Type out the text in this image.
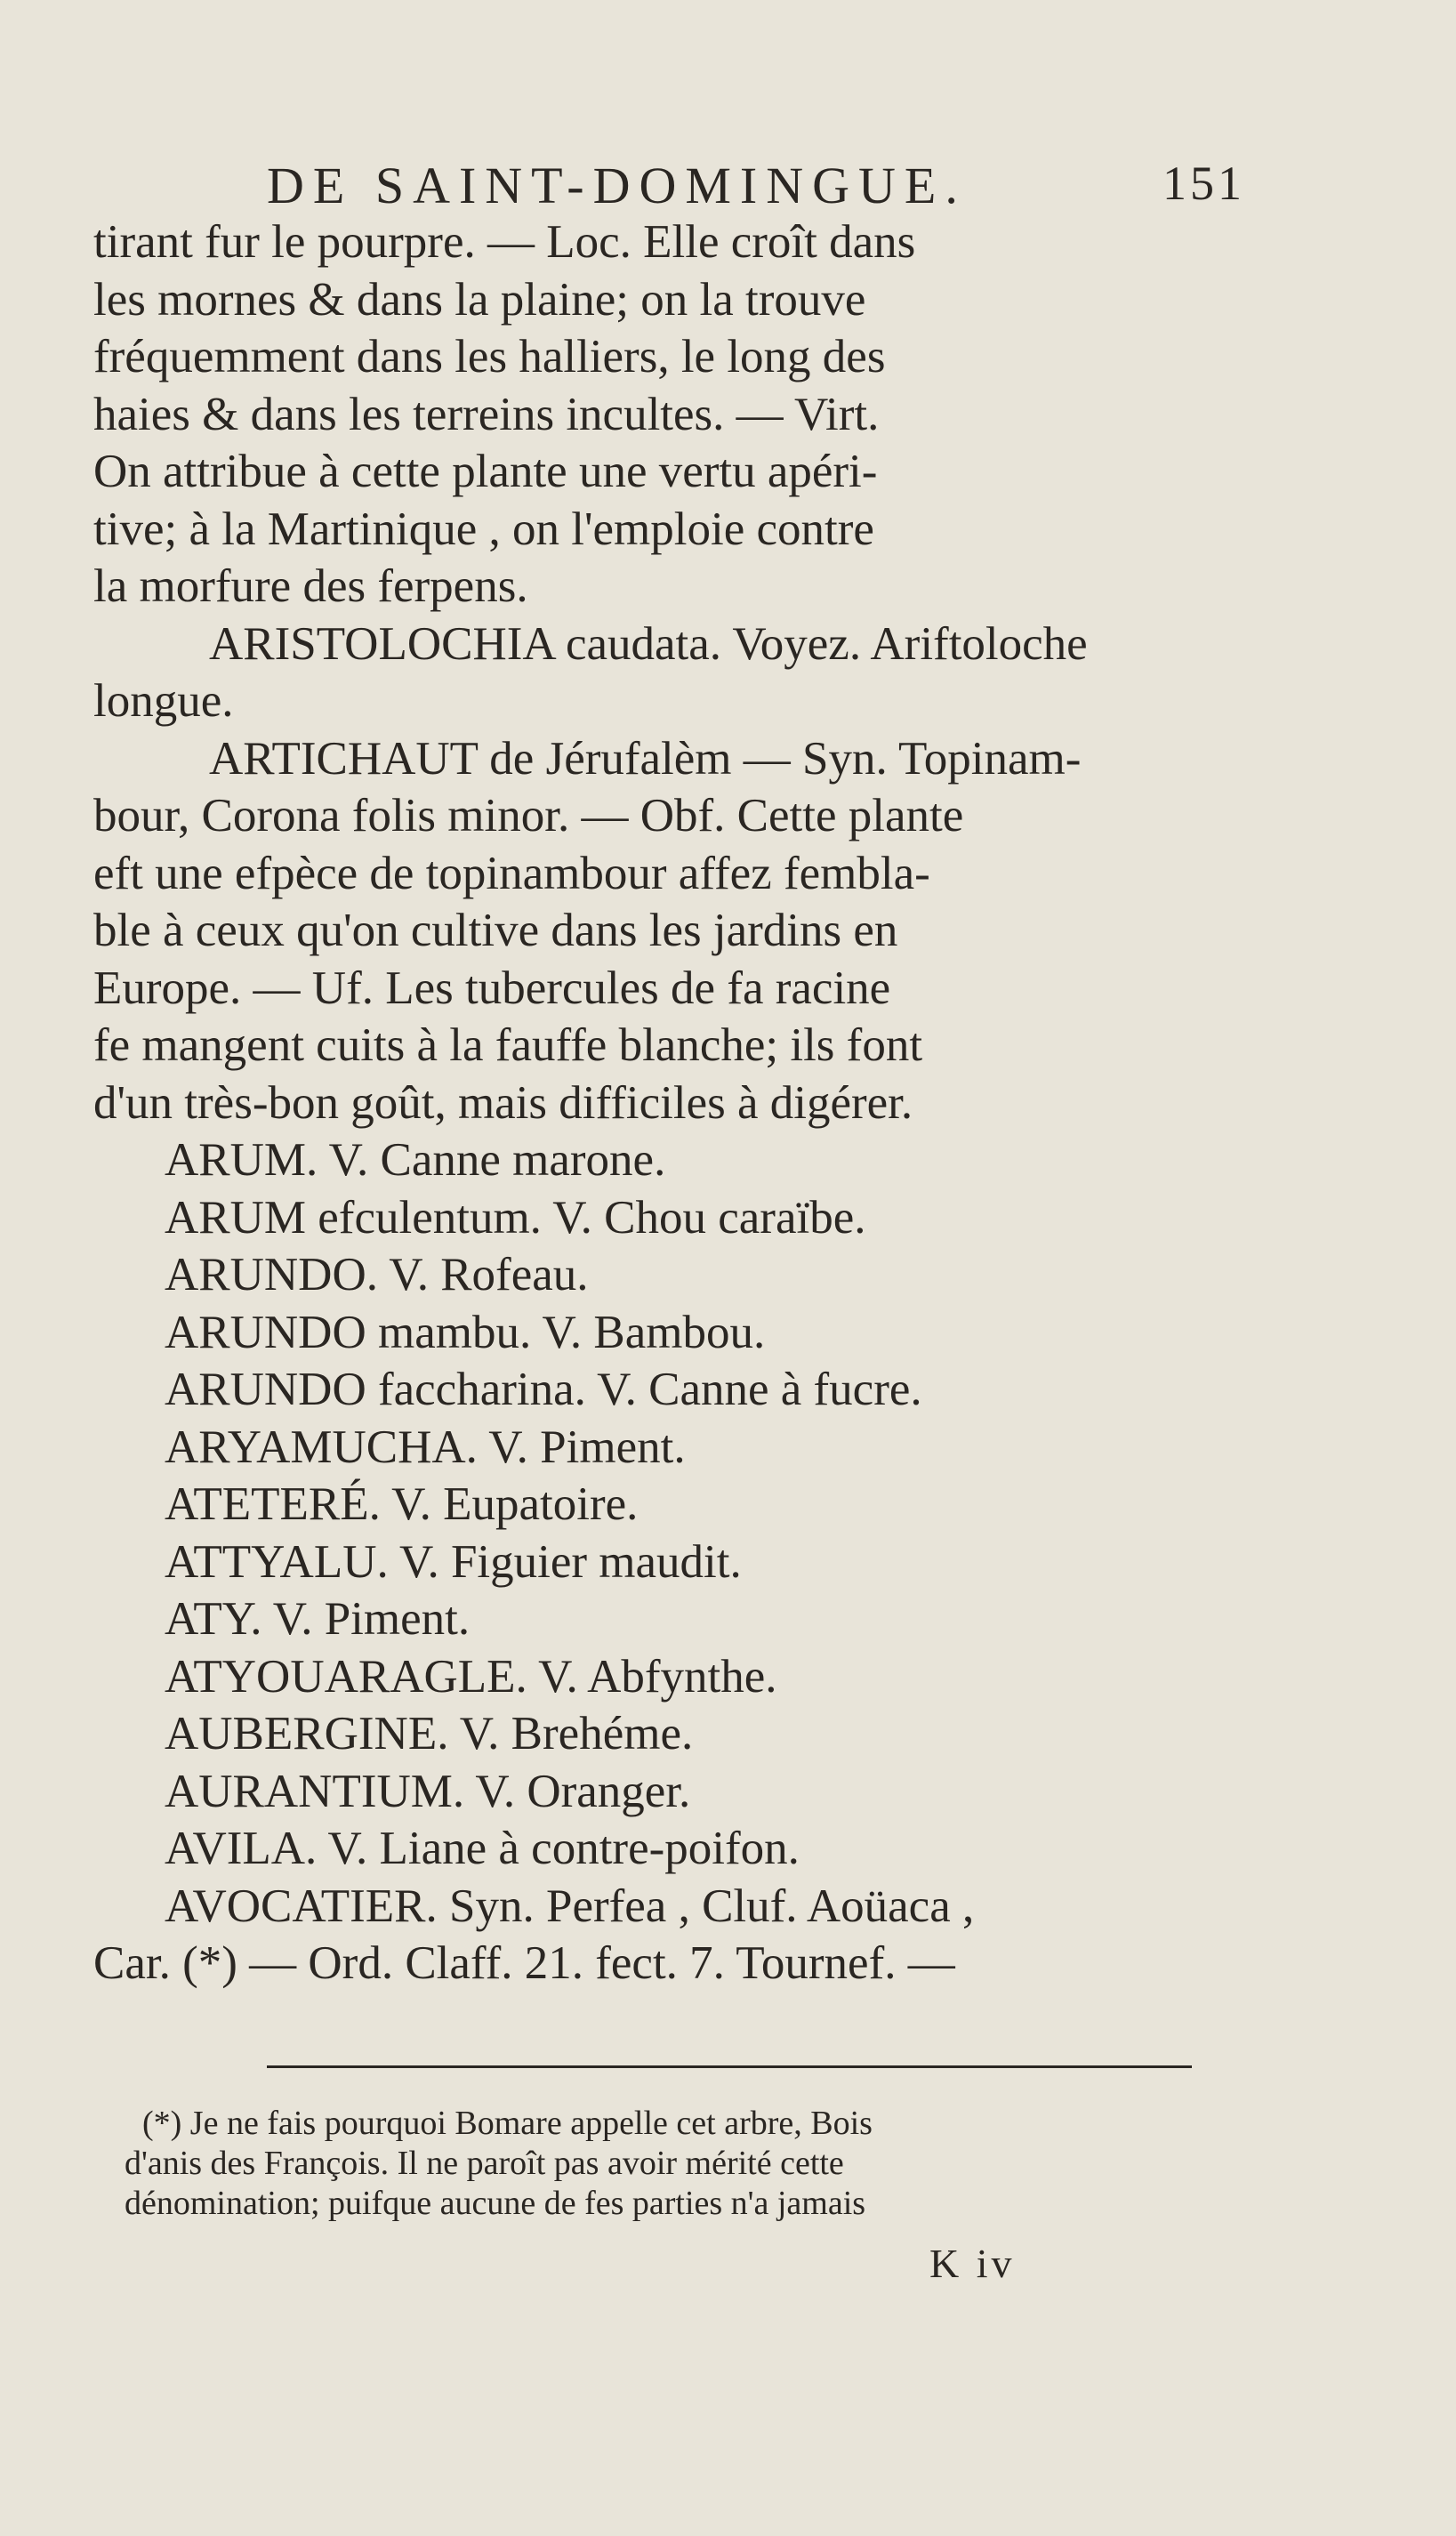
DE SAINT-DOMINGUE.	151
tirant fur le pourpre. — Loc. Elle croît dans
les mornes & dans la plaine; on la trouve
fréquemment dans les halliers, le long des
haies & dans les terreins incultes. — Virt.
On attribue à cette plante une vertu apéri-
tive; à la Martinique , on l'emploie contre
la morfure des ferpens.
ARISTOLOCHIA caudata. Voyez. Ariftoloche
longue.
ARTICHAUT de Jérufalèm — Syn. Topinam-
bour, Corona folis minor. — Obf. Cette plante
eft une efpèce de topinambour affez fembla-
ble à ceux qu'on cultive dans les jardins en
Europe. — Uf. Les tubercules de fa racine
fe mangent cuits à la fauffe blanche; ils font
d'un très-bon goût, mais difficiles à digérer.
ARUM. V. Canne marone.
ARUM efculentum. V. Chou caraïbe.
ARUNDO. V. Rofeau.
ARUNDO mambu. V. Bambou.
ARUNDO faccharina. V. Canne à fucre.
ARYAMUCHA. V. Piment.
ATETERÉ. V. Eupatoire.
ATTYALU. V. Figuier maudit.
ATY. V. Piment.
ATYOUARAGLE. V. Abfynthe.
AUBERGINE. V. Brehéme.
AURANTIUM. V. Oranger.
AVILA. V. Liane à contre-poifon.
AVOCATIER. Syn. Perfea , Cluf. Aoüaca ,
Car. (*) — Ord. Claff. 21. fect. 7. Tournef. —
(*) Je ne fais pourquoi Bomare appelle cet arbre, Bois
d'anis des François. Il ne paroît pas avoir mérité cette
dénomination; puifque aucune de fes parties n'a jamais
K iv
